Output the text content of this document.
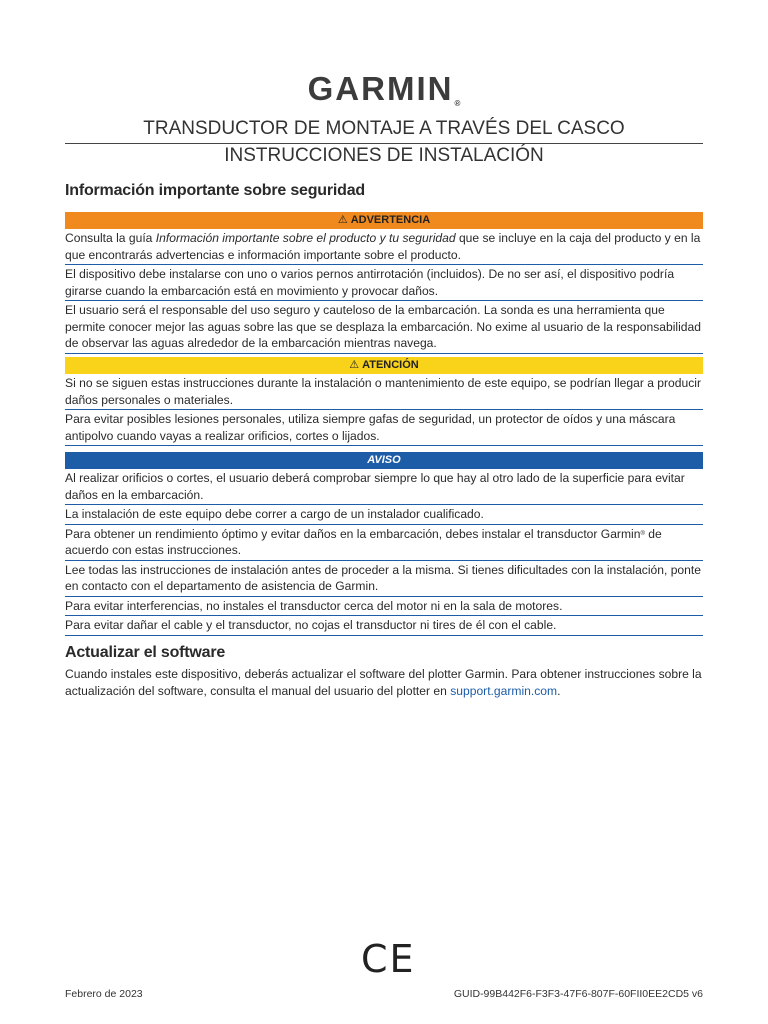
GARMIN®
TRANSDUCTOR DE MONTAJE A TRAVÉS DEL CASCO
INSTRUCCIONES DE INSTALACIÓN
Información importante sobre seguridad
⚠ ADVERTENCIA
Consulta la guía Información importante sobre el producto y tu seguridad que se incluye en la caja del producto y en la que encontrarás advertencias e información importante sobre el producto.
El dispositivo debe instalarse con uno o varios pernos antirrotación (incluidos). De no ser así, el dispositivo podría girarse cuando la embarcación está en movimiento y provocar daños.
El usuario será el responsable del uso seguro y cauteloso de la embarcación. La sonda es una herramienta que permite conocer mejor las aguas sobre las que se desplaza la embarcación. No exime al usuario de la responsabilidad de observar las aguas alrededor de la embarcación mientras navega.
⚠ ATENCIÓN
Si no se siguen estas instrucciones durante la instalación o mantenimiento de este equipo, se podrían llegar a producir daños personales o materiales.
Para evitar posibles lesiones personales, utiliza siempre gafas de seguridad, un protector de oídos y una máscara antipolvo cuando vayas a realizar orificios, cortes o lijados.
AVISO
Al realizar orificios o cortes, el usuario deberá comprobar siempre lo que hay al otro lado de la superficie para evitar daños en la embarcación.
La instalación de este equipo debe correr a cargo de un instalador cualificado.
Para obtener un rendimiento óptimo y evitar daños en la embarcación, debes instalar el transductor Garmin® de acuerdo con estas instrucciones.
Lee todas las instrucciones de instalación antes de proceder a la misma. Si tienes dificultades con la instalación, ponte en contacto con el departamento de asistencia de Garmin.
Para evitar interferencias, no instales el transductor cerca del motor ni en la sala de motores.
Para evitar dañar el cable y el transductor, no cojas el transductor ni tires de él con el cable.
Actualizar el software
Cuando instales este dispositivo, deberás actualizar el software del plotter Garmin. Para obtener instrucciones sobre la actualización del software, consulta el manual del usuario del plotter en support.garmin.com.
CE
Febrero de 2023	GUID-99B442F6-F3F3-47F6-807F-60FII0EE2CD5 v6
